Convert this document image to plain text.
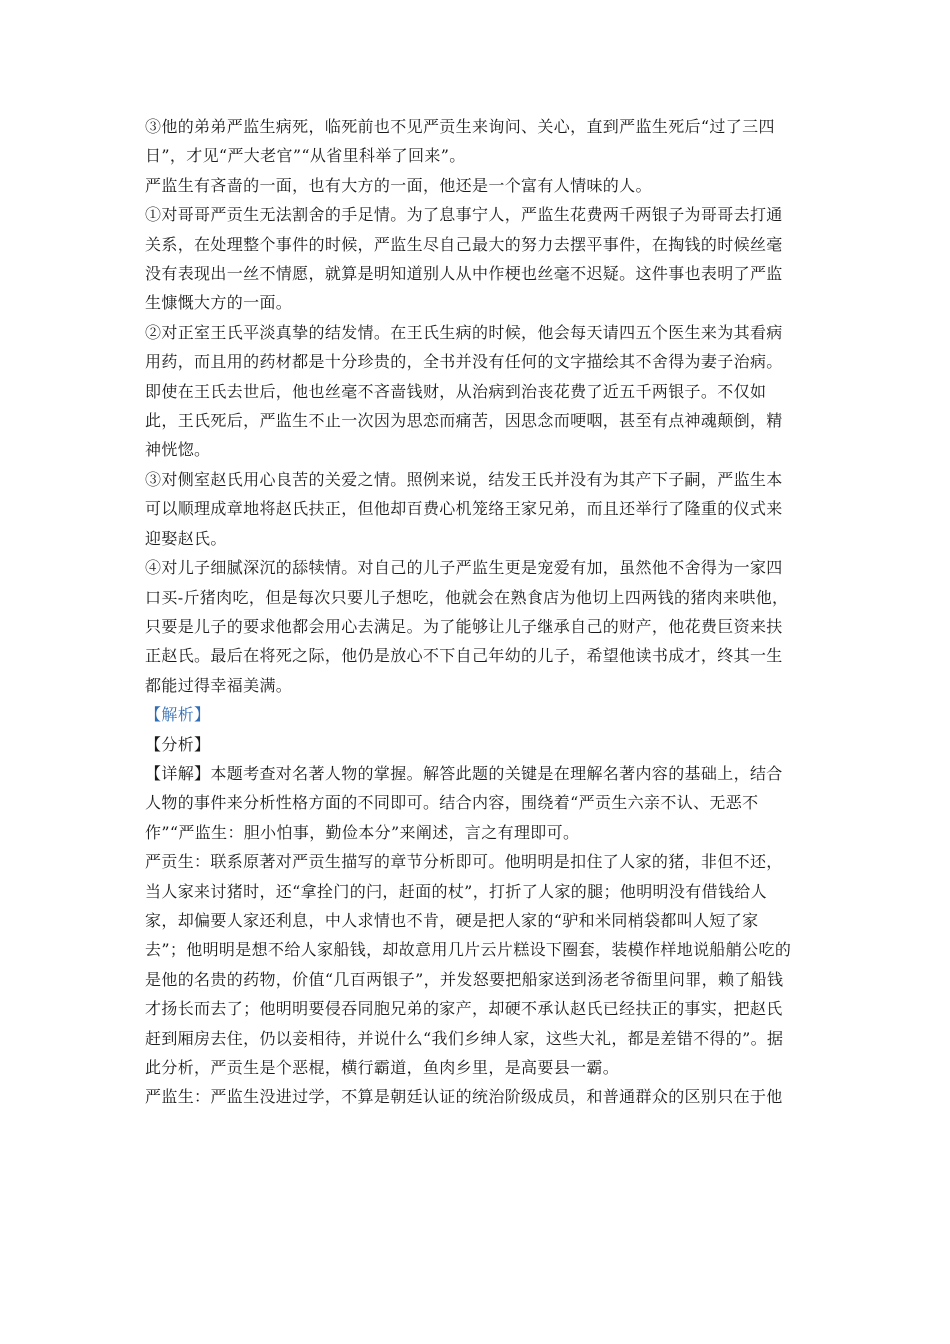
③他的弟弟严监生病死，临死前也不见严贡生来询问、关心，直到严监生死后“过了三四
日”，才见“严大老官”“从省里科举了回来”。
严监生有吝啬的一面，也有大方的一面，他还是一个富有人情味的人。
①对哥哥严贡生无法割舍的手足情。为了息事宁人，严监生花费两千两银子为哥哥去打通
关系，在处理整个事件的时候，严监生尽自己最大的努力去摆平事件，在掏钱的时候丝毫
没有表现出一丝不情愿，就算是明知道别人从中作梗也丝毫不迟疑。这件事也表明了严监
生慷慨大方的一面。
②对正室王氏平淡真挚的结发情。在王氏生病的时候，他会每天请四五个医生来为其看病
用药，而且用的药材都是十分珍贵的，全书并没有任何的文字描绘其不舍得为妻子治病。
即使在王氏去世后，他也丝毫不吝啬钱财，从治病到治丧花费了近五千两银子。不仅如
此，王氏死后，严监生不止一次因为思恋而痛苦，因思念而哽咽，甚至有点神魂颠倒，精
神恍惚。
③对侧室赵氏用心良苦的关爱之情。照例来说，结发王氏并没有为其产下子嗣，严监生本
可以顺理成章地将赵氏扶正，但他却百费心机笼络王家兄弟，而且还举行了隆重的仪式来
迎娶赵氏。
④对儿子细腻深沉的舔犊情。对自己的儿子严监生更是宠爱有加，虽然他不舍得为一家四
口买-斤猪肉吃，但是每次只要儿子想吃，他就会在熟食店为他切上四两钱的猪肉来哄他，
只要是儿子的要求他都会用心去满足。为了能够让儿子继承自己的财产，他花费巨资来扶
正赵氏。最后在将死之际，他仍是放心不下自己年幼的儿子，希望他读书成才，终其一生
都能过得幸福美满。
【解析】
【分析】
【详解】本题考查对名著人物的掌握。解答此题的关键是在理解名著内容的基础上，结合
人物的事件来分析性格方面的不同即可。结合内容，围绕着“严贡生六亲不认、无恶不
作”“严监生：胆小怕事，勤俭本分”来阐述，言之有理即可。
严贡生：联系原著对严贡生描写的章节分析即可。他明明是扣住了人家的猪，非但不还，
当人家来讨猪时，还“拿拴门的闩，赶面的杖”，打折了人家的腿；他明明没有借钱给人
家，却偏要人家还利息，中人求情也不肯，硬是把人家的“驴和米同梢袋都叫人短了家
去”；他明明是想不给人家船钱，却故意用几片云片糕设下圈套，装模作样地说船艄公吃的
是他的名贵的药物，价值“几百两银子”，并发怒要把船家送到汤老爷衙里问罪，赖了船钱
才扬长而去了；他明明要侵吞同胞兄弟的家产，却硬不承认赵氏已经扶正的事实，把赵氏
赶到厢房去住，仍以妾相待，并说什么“我们乡绅人家，这些大礼，都是差错不得的”。据
此分析，严贡生是个恶棍，横行霸道，鱼肉乡里，是高要县一霸。
严监生：严监生没进过学，不算是朝廷认证的统治阶级成员，和普通群众的区别只在于他
